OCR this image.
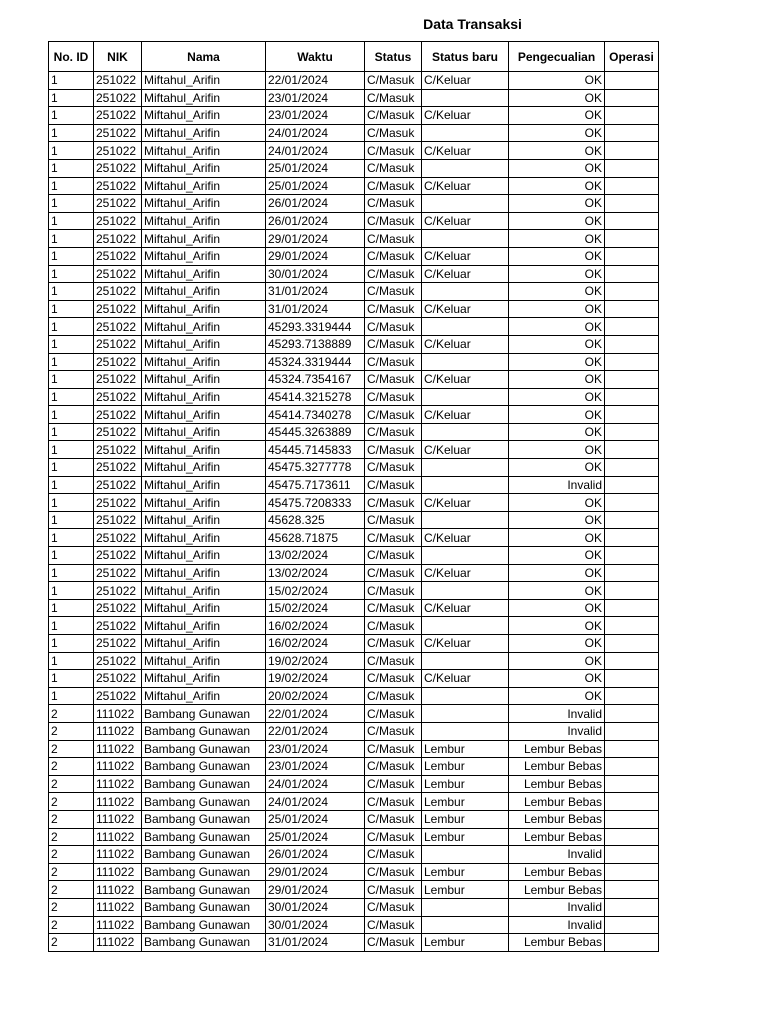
Data Transaksi
No. ID	NIK	Nama	Waktu	Status	Status baru	Pengecualian	Operasi
1	251022	Miftahul_Arifin	22/01/2024	C/Masuk	C/Keluar	OK	
1	251022	Miftahul_Arifin	23/01/2024	C/Masuk		OK	
1	251022	Miftahul_Arifin	23/01/2024	C/Masuk	C/Keluar	OK	
1	251022	Miftahul_Arifin	24/01/2024	C/Masuk		OK	
1	251022	Miftahul_Arifin	24/01/2024	C/Masuk	C/Keluar	OK	
1	251022	Miftahul_Arifin	25/01/2024	C/Masuk		OK	
1	251022	Miftahul_Arifin	25/01/2024	C/Masuk	C/Keluar	OK	
1	251022	Miftahul_Arifin	26/01/2024	C/Masuk		OK	
1	251022	Miftahul_Arifin	26/01/2024	C/Masuk	C/Keluar	OK	
1	251022	Miftahul_Arifin	29/01/2024	C/Masuk		OK	
1	251022	Miftahul_Arifin	29/01/2024	C/Masuk	C/Keluar	OK	
1	251022	Miftahul_Arifin	30/01/2024	C/Masuk	C/Keluar	OK	
1	251022	Miftahul_Arifin	31/01/2024	C/Masuk		OK	
1	251022	Miftahul_Arifin	31/01/2024	C/Masuk	C/Keluar	OK	
1	251022	Miftahul_Arifin	45293.3319444	C/Masuk		OK	
1	251022	Miftahul_Arifin	45293.7138889	C/Masuk	C/Keluar	OK	
1	251022	Miftahul_Arifin	45324.3319444	C/Masuk		OK	
1	251022	Miftahul_Arifin	45324.7354167	C/Masuk	C/Keluar	OK	
1	251022	Miftahul_Arifin	45414.3215278	C/Masuk		OK	
1	251022	Miftahul_Arifin	45414.7340278	C/Masuk	C/Keluar	OK	
1	251022	Miftahul_Arifin	45445.3263889	C/Masuk		OK	
1	251022	Miftahul_Arifin	45445.7145833	C/Masuk	C/Keluar	OK	
1	251022	Miftahul_Arifin	45475.3277778	C/Masuk		OK	
1	251022	Miftahul_Arifin	45475.7173611	C/Masuk		Invalid	
1	251022	Miftahul_Arifin	45475.7208333	C/Masuk	C/Keluar	OK	
1	251022	Miftahul_Arifin	45628.325	C/Masuk		OK	
1	251022	Miftahul_Arifin	45628.71875	C/Masuk	C/Keluar	OK	
1	251022	Miftahul_Arifin	13/02/2024	C/Masuk		OK	
1	251022	Miftahul_Arifin	13/02/2024	C/Masuk	C/Keluar	OK	
1	251022	Miftahul_Arifin	15/02/2024	C/Masuk		OK	
1	251022	Miftahul_Arifin	15/02/2024	C/Masuk	C/Keluar	OK	
1	251022	Miftahul_Arifin	16/02/2024	C/Masuk		OK	
1	251022	Miftahul_Arifin	16/02/2024	C/Masuk	C/Keluar	OK	
1	251022	Miftahul_Arifin	19/02/2024	C/Masuk		OK	
1	251022	Miftahul_Arifin	19/02/2024	C/Masuk	C/Keluar	OK	
1	251022	Miftahul_Arifin	20/02/2024	C/Masuk		OK	
2	111022	Bambang Gunawan	22/01/2024	C/Masuk		Invalid	
2	111022	Bambang Gunawan	22/01/2024	C/Masuk		Invalid	
2	111022	Bambang Gunawan	23/01/2024	C/Masuk	Lembur	Lembur Bebas	
2	111022	Bambang Gunawan	23/01/2024	C/Masuk	Lembur	Lembur Bebas	
2	111022	Bambang Gunawan	24/01/2024	C/Masuk	Lembur	Lembur Bebas	
2	111022	Bambang Gunawan	24/01/2024	C/Masuk	Lembur	Lembur Bebas	
2	111022	Bambang Gunawan	25/01/2024	C/Masuk	Lembur	Lembur Bebas	
2	111022	Bambang Gunawan	25/01/2024	C/Masuk	Lembur	Lembur Bebas	
2	111022	Bambang Gunawan	26/01/2024	C/Masuk		Invalid	
2	111022	Bambang Gunawan	29/01/2024	C/Masuk	Lembur	Lembur Bebas	
2	111022	Bambang Gunawan	29/01/2024	C/Masuk	Lembur	Lembur Bebas	
2	111022	Bambang Gunawan	30/01/2024	C/Masuk		Invalid	
2	111022	Bambang Gunawan	30/01/2024	C/Masuk		Invalid	
2	111022	Bambang Gunawan	31/01/2024	C/Masuk	Lembur	Lembur Bebas	
